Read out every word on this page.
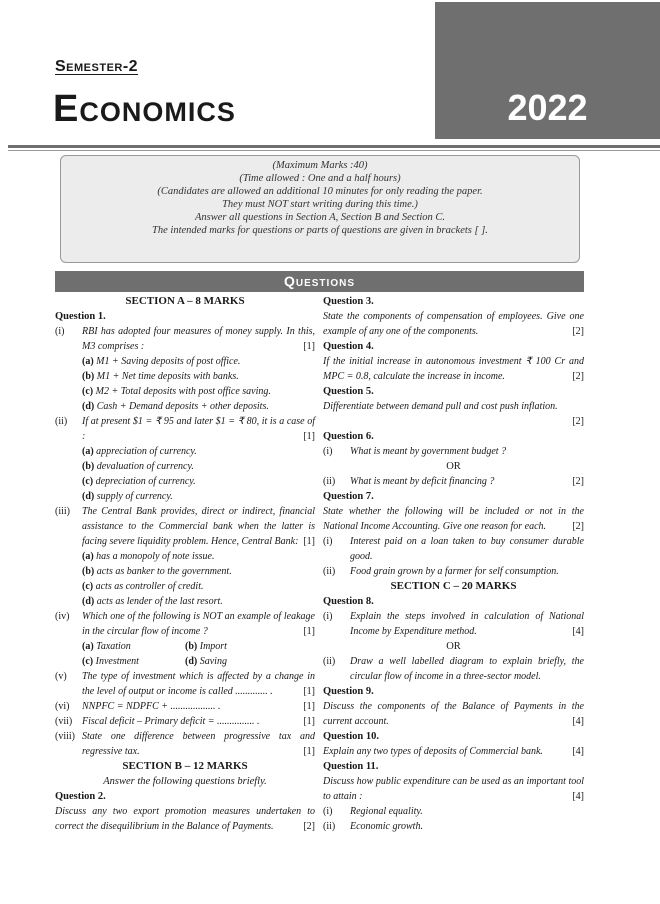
Semester-2
Economics	2022
(Maximum Marks :40)
(Time allowed : One and a half hours)
(Candidates are allowed an additional 10 minutes for only reading the paper.
They must NOT start writing during this time.)
Answer all questions in Section A, Section B and Section C.
The intended marks for questions or parts of questions are given in brackets [ ].
Questions
SECTION A – 8 MARKS
Question 1.
(i)	RBI has adopted four measures of money supply. In this, M3 comprises :	[1]
(a) M1 + Saving deposits of post office.
(b) M1 + Net time deposits with banks.
(c) M2 + Total deposits with post office saving.
(d) Cash + Demand deposits + other deposits.
(ii)	If at present $1 = ₹ 95 and later $1 = ₹ 80, it is a case of :	[1]
(a) appreciation of currency.
(b) devaluation of currency.
(c) depreciation of currency.
(d) supply of currency.
(iii)	The Central Bank provides, direct or indirect, financial assistance to the Commercial bank when the latter is facing severe liquidity problem. Hence, Central Bank: [1]
(a) has a monopoly of note issue.
(b) acts as banker to the government.
(c) acts as controller of credit.
(d) acts as lender of the last resort.
(iv)	Which one of the following is NOT an example of leakage in the circular flow of income ?	[1]
(a) Taxation	(b) Import
(c) Investment	(d) Saving
(v)	The type of investment which is affected by a change in the level of output or income is called ............. .	[1]
(vi)	NNPFC = NDPFC + .................. .	[1]
(vii) Fiscal deficit – Primary deficit = ............... .	[1]
(viii) State one difference between progressive tax and regressive tax.	[1]
SECTION B – 12 MARKS
Answer the following questions briefly.
Question 2.
Discuss any two export promotion measures undertaken to correct the disequilibrium in the Balance of Payments.	[2]
Question 3.
State the components of compensation of employees. Give one example of any one of the components.	[2]
Question 4.
If the initial increase in autonomous investment ₹ 100 Cr and MPC = 0.8, calculate the increase in income.	[2]
Question 5.
Differentiate between demand pull and cost push inflation.

[2]

Question 6.
(i)	What is meant by government budget ?
OR
(ii)	What is meant by deficit financing ?	[2]
Question 7.
State whether the following will be included or not in the National Income Accounting. Give one reason for each.	[2]
(i)	Interest paid on a loan taken to buy consumer durable good.
(ii)	Food grain grown by a farmer for self consumption.
SECTION C – 20 MARKS
Question 8.
(i)	Explain the steps involved in calculation of National Income by Expenditure method.	[4]
OR
(ii)	Draw a well labelled diagram to explain briefly, the circular flow of income in a three-sector model.
Question 9.
Discuss the components of the Balance of Payments in the current account.	[4]
Question 10.
Explain any two types of deposits of Commercial bank.	[4]
Question 11.
Discuss how public expenditure can be used as an important tool to attain :	[4]
(i)	Regional equality.
(ii)	Economic growth.
